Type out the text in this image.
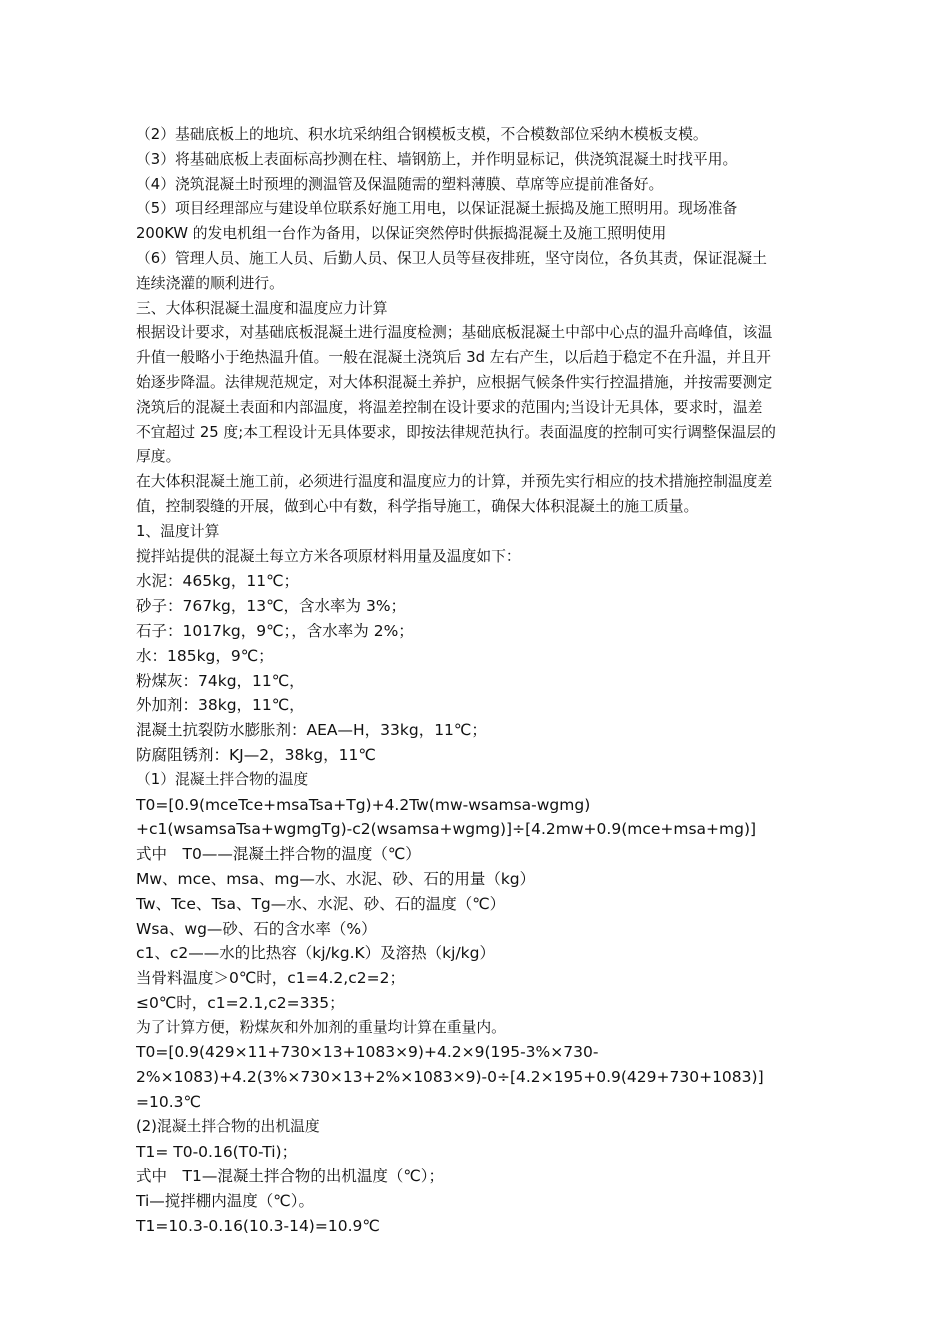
（2）基础底板上的地坑、积水坑采纳组合钢模板支模，不合模数部位采纳木模板支模。
（3）将基础底板上表面标高抄测在柱、墙钢筋上，并作明显标记，供浇筑混凝土时找平用。
（4）浇筑混凝土时预埋的测温管及保温随需的塑料薄膜、草席等应提前准备好。
（5）项目经理部应与建设单位联系好施工用电，以保证混凝土振捣及施工照明用。现场准备
200KW 的发电机组一台作为备用，以保证突然停时供振捣混凝土及施工照明使用
（6）管理人员、施工人员、后勤人员、保卫人员等昼夜排班，坚守岗位，各负其责，保证混凝土
连续浇灌的顺利进行。
三、大体积混凝土温度和温度应力计算
根据设计要求，对基础底板混凝土进行温度检测；基础底板混凝土中部中心点的温升高峰值，该温
升值一般略小于绝热温升值。一般在混凝土浇筑后 3d 左右产生，以后趋于稳定不在升温，并且开
始逐步降温。法律规范规定，对大体积混凝土养护，应根据气候条件实行控温措施，并按需要测定
浇筑后的混凝土表面和内部温度，将温差控制在设计要求的范围内;当设计无具体，要求时，温差
不宜超过 25 度;本工程设计无具体要求，即按法律规范执行。表面温度的控制可实行调整保温层的
厚度。
在大体积混凝土施工前，必须进行温度和温度应力的计算，并预先实行相应的技术措施控制温度差
值，控制裂缝的开展，做到心中有数，科学指导施工，确保大体积混凝土的施工质量。
1、温度计算
搅拌站提供的混凝土每立方米各项原材料用量及温度如下：
水泥：465kg，11℃；
砂子：767kg，13℃，含水率为 3%；
石子：1017kg，9℃；，含水率为 2%；
水：185kg，9℃；
粉煤灰：74kg，11℃，
外加剂：38kg，11℃，
混凝土抗裂防水膨胀剂：AEA—H，33kg，11℃；
防腐阻锈剂：KJ—2，38kg，11℃
（1）混凝土拌合物的温度
T0=[0.9(mceTce+msaTsa+Tg)+4.2Tw(mw-wsamsa-wgmg)
+c1(wsamsaTsa+wgmgTg)-c2(wsamsa+wgmg)]÷[4.2mw+0.9(mce+msa+mg)]
式中　T0——混凝土拌合物的温度（℃）
Mw、mce、msa、mg—水、水泥、砂、石的用量（kg）
Tw、Tce、Tsa、Tg—水、水泥、砂、石的温度（℃）
Wsa、wg—砂、石的含水率（%）
c1、c2——水的比热容（kj/kg.K）及溶热（kj/kg）
当骨料温度＞0℃时，c1=4.2,c2=2；
≤0℃时，c1=2.1,c2=335；
为了计算方便，粉煤灰和外加剂的重量均计算在重量内。
T0=[0.9(429×11+730×13+1083×9)+4.2×9(195-3%×730-
2%×1083)+4.2(3%×730×13+2%×1083×9)-0÷[4.2×195+0.9(429+730+1083)]
=10.3℃
(2)混凝土拌合物的出机温度
T1= T0-0.16(T0-Ti)；
式中　T1—混凝土拌合物的出机温度（℃）；
Ti—搅拌棚内温度（℃）。
T1=10.3-0.16(10.3-14)=10.9℃
